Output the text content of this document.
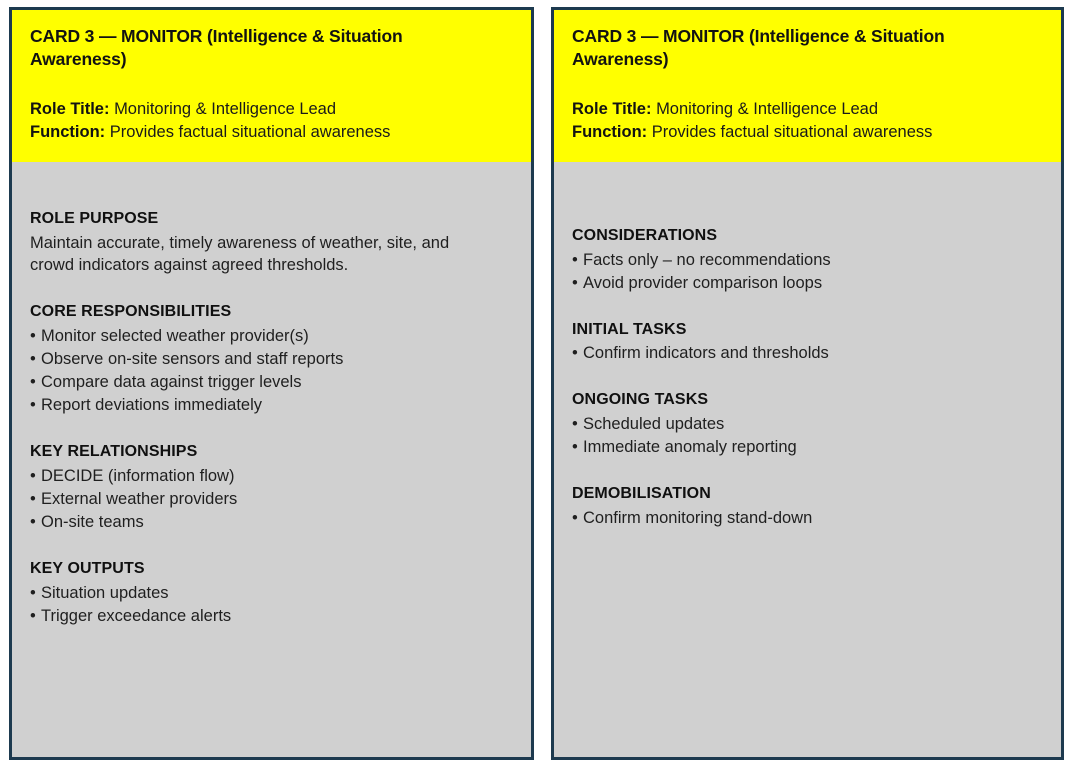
CARD 3 — MONITOR (Intelligence & Situation Awareness)
Role Title: Monitoring & Intelligence Lead
Function: Provides factual situational awareness
ROLE PURPOSE

Maintain accurate, timely awareness of weather, site, and crowd indicators against agreed thresholds.

CORE RESPONSIBILITIES
• Monitor selected weather provider(s)
• Observe on-site sensors and staff reports
• Compare data against trigger levels
• Report deviations immediately
KEY RELATIONSHIPS
• DECIDE (information flow)
• External weather providers
• On-site teams
KEY OUTPUTS
• Situation updates
• Trigger exceedance alerts
CARD 3 — MONITOR (Intelligence & Situation Awareness)
Role Title: Monitoring & Intelligence Lead
Function: Provides factual situational awareness
CONSIDERATIONS
• Facts only – no recommendations
• Avoid provider comparison loops
INITIAL TASKS
• Confirm indicators and thresholds
ONGOING TASKS
• Scheduled updates
• Immediate anomaly reporting
DEMOBILISATION
• Confirm monitoring stand-down
